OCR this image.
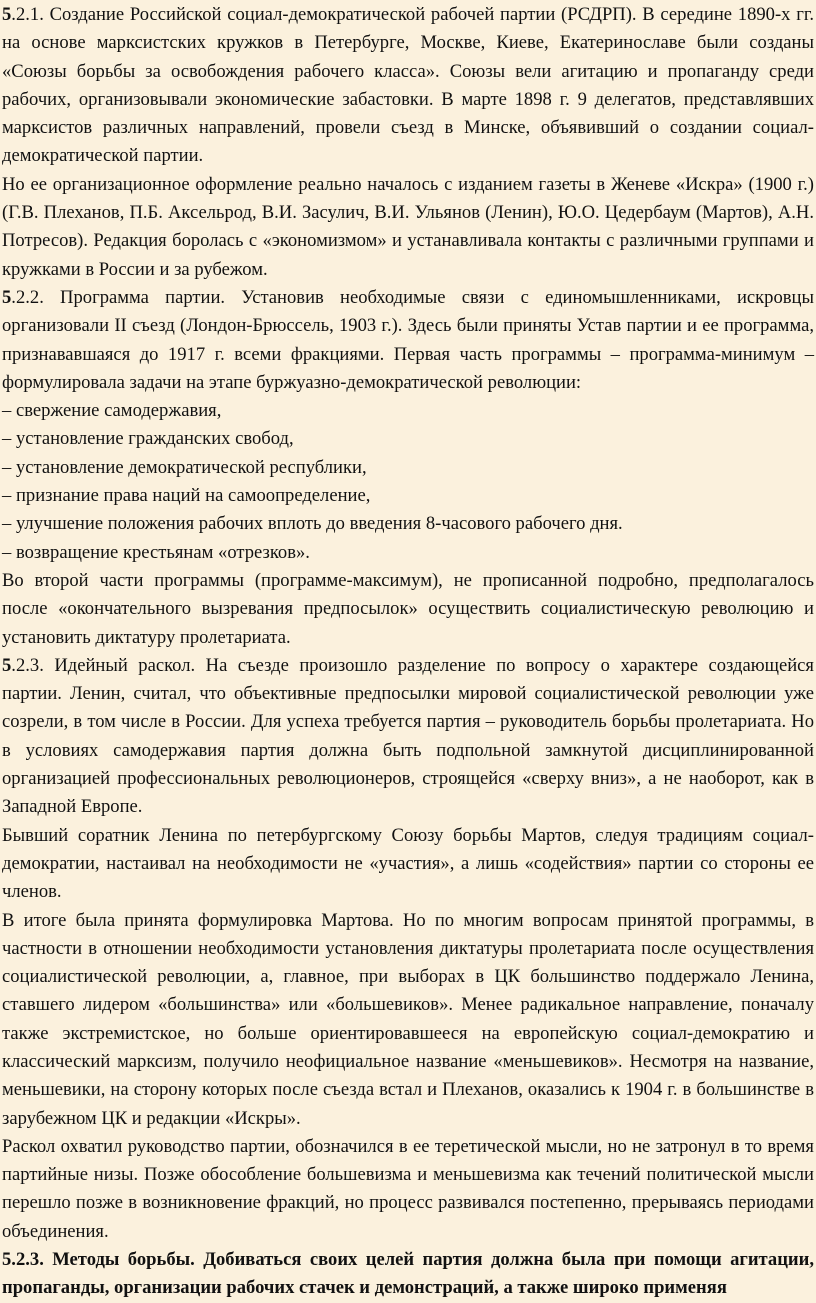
5.2.1. Создание Российской социал-демократической рабочей партии (РСДРП). В середине 1890-х гг. на основе марксистских кружков в Петербурге, Москве, Киеве, Екатеринославе были созданы «Союзы борьбы за освобождения рабочего класса». Союзы вели агитацию и пропаганду среди рабочих, организовывали экономические забастовки. В марте 1898 г. 9 делегатов, представлявших марксистов различных направлений, провели съезд в Минске, объявивший о создании социал-демократической партии.

Но ее организационное оформление реально началось с изданием газеты в Женеве «Искра» (1900 г.) (Г.В. Плеханов, П.Б. Аксельрод, В.И. Засулич, В.И. Ульянов (Ленин), Ю.О. Цедербаум (Мартов), А.Н. Потресов). Редакция боролась с «экономизмом» и устанавливала контакты с различными группами и кружками в России и за рубежом.

5.2.2. Программа партии. Установив необходимые связи с единомышленниками, искровцы организовали II съезд (Лондон-Брюссель, 1903 г.). Здесь были приняты Устав партии и ее программа, признававшаяся до 1917 г. всеми фракциями. Первая часть программы – программа-минимум – формулировала задачи на этапе буржуазно-демократической революции:

– свержение самодержавия,

– установление гражданских свобод,

– установление демократической республики,

– признание права наций на самоопределение,

– улучшение положения рабочих вплоть до введения 8-часового рабочего дня.

– возвращение крестьянам «отрезков».

Во второй части программы (программе-максимум), не прописанной подробно, предполагалось после «окончательного вызревания предпосылок» осуществить социалистическую революцию и установить диктатуру пролетариата.

5.2.3. Идейный раскол. На съезде произошло разделение по вопросу о характере создающейся партии. Ленин, считал, что объективные предпосылки мировой социалистической революции уже созрели, в том числе в России. Для успеха требуется партия – руководитель борьбы пролетариата. Но в условиях самодержавия партия должна быть подпольной замкнутой дисциплинированной организацией профессиональных революционеров, строящейся «сверху вниз», а не наоборот, как в Западной Европе.

Бывший соратник Ленина по петербургскому Союзу борьбы Мартов, следуя традициям социал-демократии, настаивал на необходимости не «участия», а лишь «содействия» партии со стороны ее членов.

В итоге была принята формулировка Мартова. Но по многим вопросам принятой программы, в частности в отношении необходимости установления диктатуры пролетариата после осуществления социалистической революции, а, главное, при выборах в ЦК большинство поддержало Ленина, ставшего лидером «большинства» или «большевиков». Менее радикальное направление, поначалу также экстремистское, но больше ориентировавшееся на европейскую социал-демократию и классический марксизм, получило неофициальное название «меньшевиков». Несмотря на название, меньшевики, на сторону которых после съезда встал и Плеханов, оказались к 1904 г. в большинстве в зарубежном ЦК и редакции «Искры».

Раскол охватил руководство партии, обозначился в ее теретической мысли, но не затронул в то время партийные низы. Позже обособление большевизма и меньшевизма как течений политической мысли перешло позже в возникновение фракций, но процесс развивался постепенно, прерываясь периодами объединения.

5.2.3. Методы борьбы. Добиваться своих целей партия должна была при помощи агитации, пропаганды, организации рабочих стачек и демонстраций, а также широко применяя
